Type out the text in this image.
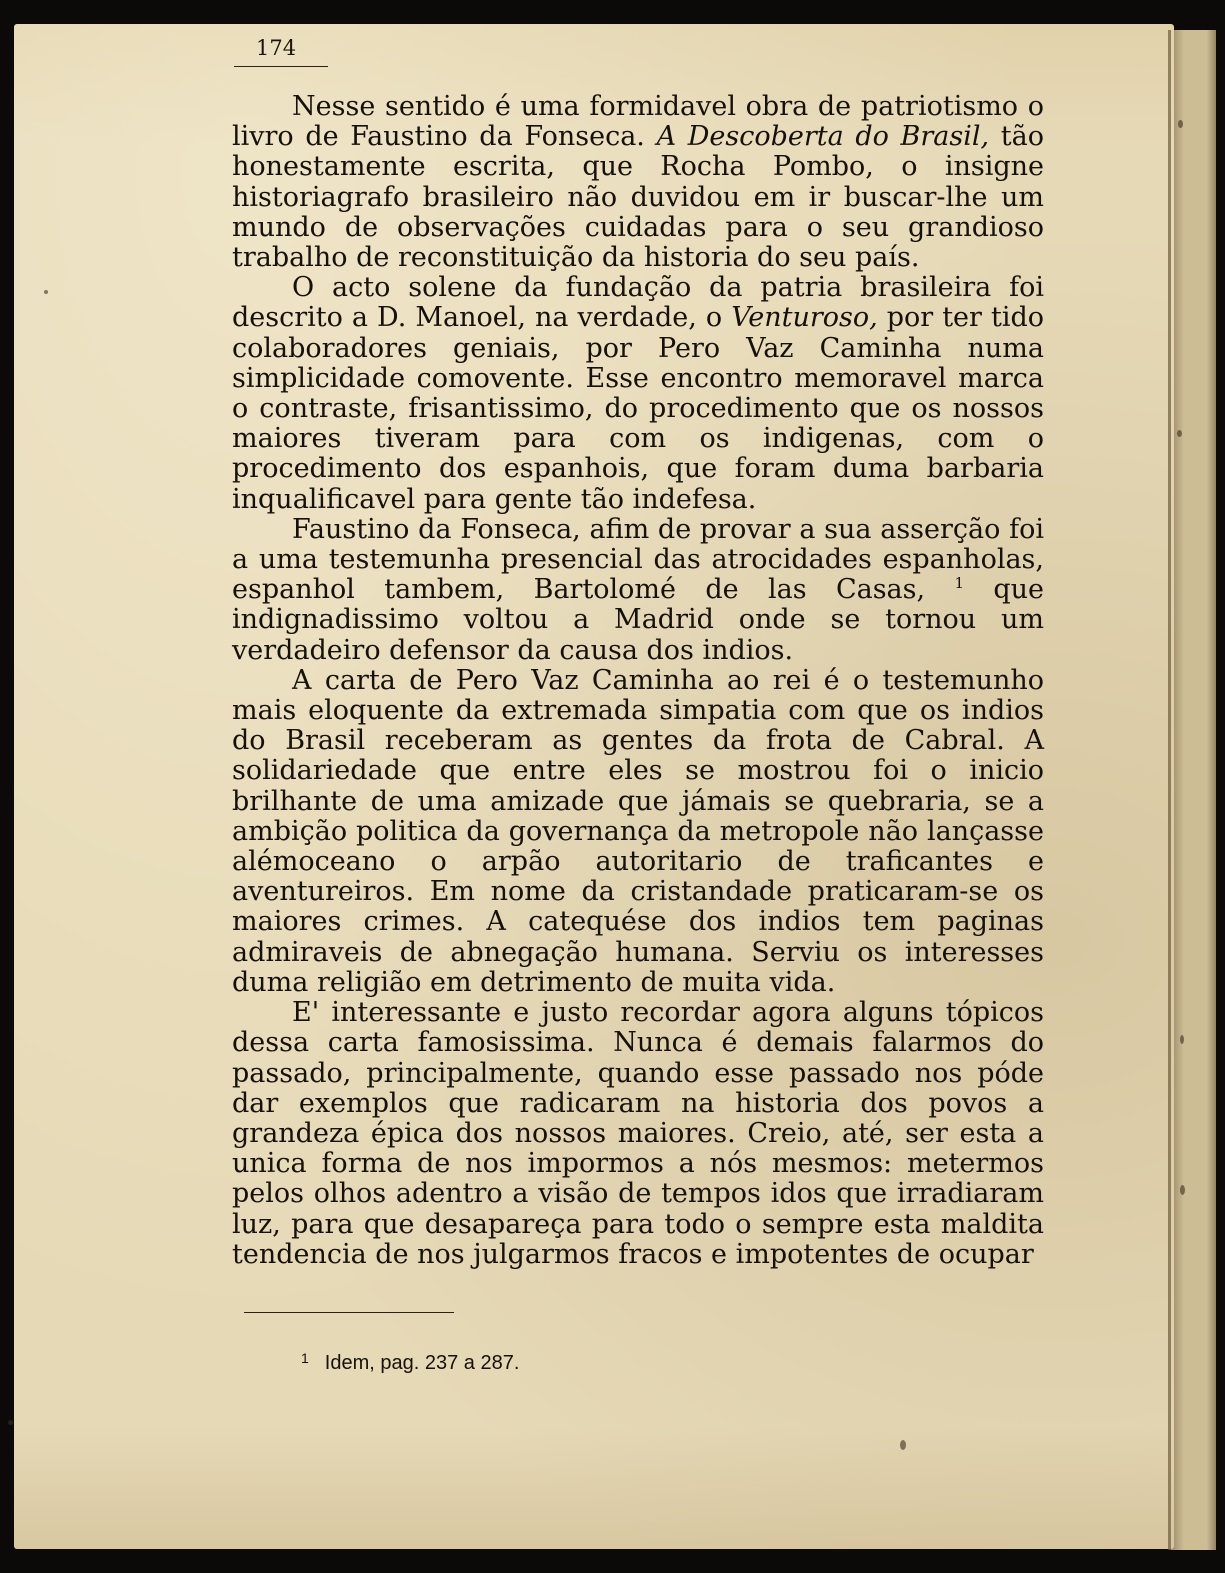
174

Nesse sentido é uma formidavel obra de patriotismo o livro de Faustino da Fonseca. A Descoberta do Brasil, tão honestamente escrita, que Rocha Pombo, o insigne historiagrafo brasileiro não duvidou em ir buscar-lhe um mundo de observações cuidadas para o seu grandioso trabalho de reconstituição da historia do seu país.

O acto solene da fundação da patria brasileira foi descrito a D. Manoel, na verdade, o Venturoso, por ter tido colaboradores geniais, por Pero Vaz Caminha numa simplicidade comovente. Esse encontro memoravel marca o contraste, frisantissimo, do procedimento que os nossos maiores tiveram para com os indigenas, com o procedimento dos espanhois, que foram duma barbaria inqualificavel para gente tão indefesa.

Faustino da Fonseca, afim de provar a sua asserção foi a uma testemunha presencial das atrocidades espanholas, espanhol tambem, Bartolomé de las Casas, $^1$ que indignadissimo voltou a Madrid onde se tornou um verdadeiro defensor da causa dos indios.

A carta de Pero Vaz Caminha ao rei é o testemunho mais eloquente da extremada simpatia com que os indios do Brasil receberam as gentes da frota de Cabral. A solidariedade que entre eles se mostrou foi o inicio brilhante de uma amizade que jámais se quebraria, se a ambição politica da governança da metropole não lançasse alémoceano o arpão autoritario de traficantes e aventureiros. Em nome da cristandade praticaram-se os maiores crimes. A catequése dos indios tem paginas admiraveis de abnegação humana. Serviu os interesses duma religião em detrimento de muita vida.

E' interessante e justo recordar agora alguns tópicos dessa carta famosissima. Nunca é demais falarmos do passado, principalmente, quando esse passado nos póde dar exemplos que radicaram na historia dos povos a grandeza épica dos nossos maiores. Creio, até, ser esta a unica forma de nos impormos a nós mesmos: metermos pelos olhos adentro a visão de tempos idos que irradiaram luz, para que desapareça para todo o sempre esta maldita tendencia de nos julgarmos fracos e impotentes de ocupar

$^1$ Idem, pag. 237 a 287.
